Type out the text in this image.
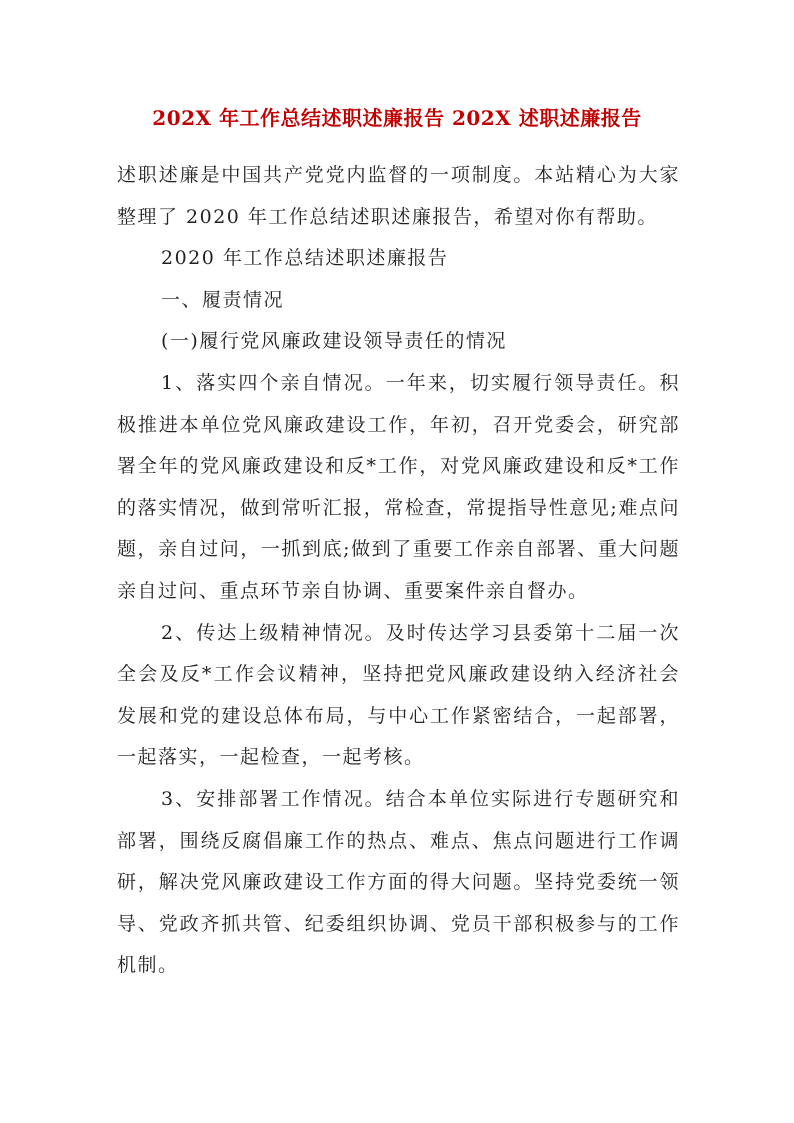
202X 年工作总结述职述廉报告 202X 述职述廉报告

述职述廉是中国共产党党内监督的一项制度。本站精心为大家整理了 2020 年工作总结述职述廉报告，希望对你有帮助。

2020 年工作总结述职述廉报告

一、履责情况

(一)履行党风廉政建设领导责任的情况

1、落实四个亲自情况。一年来，切实履行领导责任。积极推进本单位党风廉政建设工作，年初，召开党委会，研究部署全年的党风廉政建设和反*工作，对党风廉政建设和反*工作的落实情况，做到常听汇报，常检查，常提指导性意见;难点问题，亲自过问，一抓到底;做到了重要工作亲自部署、重大问题亲自过问、重点环节亲自协调、重要案件亲自督办。

2、传达上级精神情况。及时传达学习县委第十二届一次全会及反*工作会议精神，坚持把党风廉政建设纳入经济社会发展和党的建设总体布局，与中心工作紧密结合，一起部署，一起落实，一起检查，一起考核。

3、安排部署工作情况。结合本单位实际进行专题研究和部署，围绕反腐倡廉工作的热点、难点、焦点问题进行工作调研，解决党风廉政建设工作方面的得大问题。坚持党委统一领导、党政齐抓共管、纪委组织协调、党员干部积极参与的工作机制。
